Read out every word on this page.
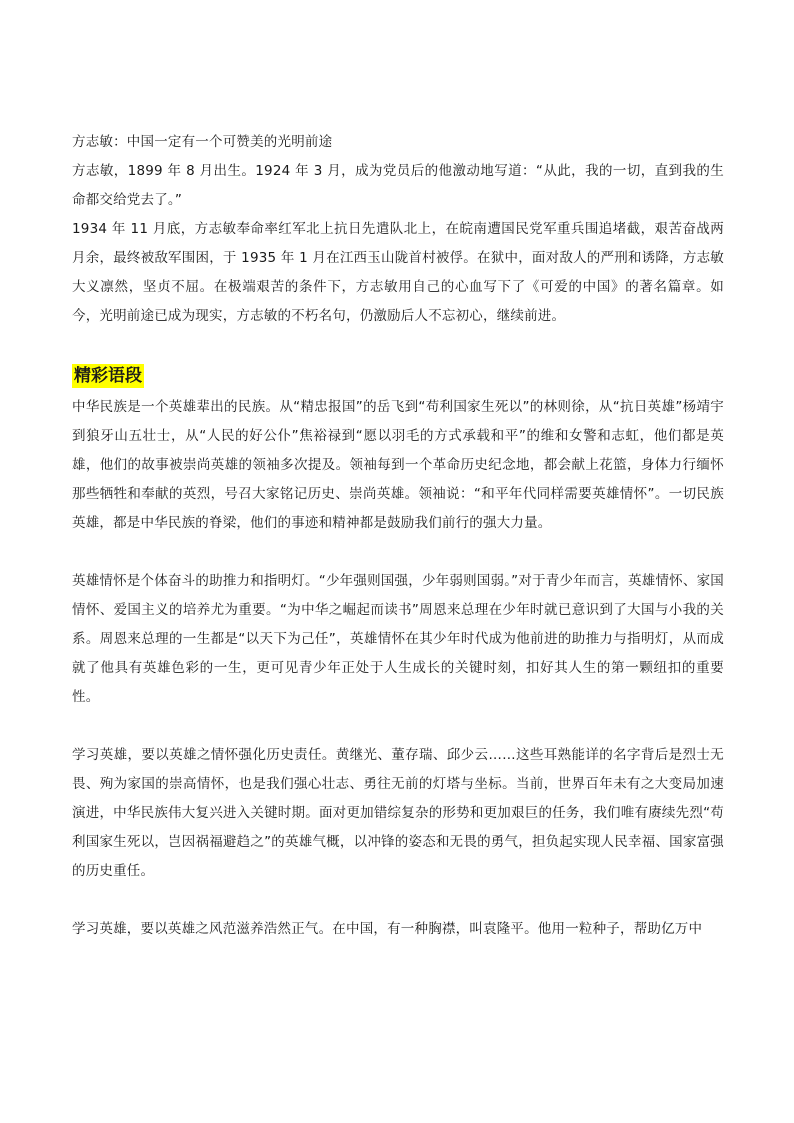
方志敏：中国一定有一个可赞美的光明前途

方志敏，1899 年 8 月出生。1924 年 3 月，成为党员后的他激动地写道：“从此，我的一切，直到我的生命都交给党去了。”

1934 年 11 月底，方志敏奉命率红军北上抗日先遣队北上，在皖南遭国民党军重兵围追堵截，艰苦奋战两月余，最终被敌军围困，于 1935 年 1 月在江西玉山陇首村被俘。在狱中，面对敌人的严刑和诱降，方志敏大义凛然，坚贞不屈。在极端艰苦的条件下，方志敏用自己的心血写下了《可爱的中国》的著名篇章。如今，光明前途已成为现实，方志敏的不朽名句，仍激励后人不忘初心，继续前进。

精彩语段

中华民族是一个英雄辈出的民族。从“精忠报国”的岳飞到“苟利国家生死以”的林则徐，从“抗日英雄”杨靖宇到狼牙山五壮士，从“人民的好公仆”焦裕禄到“愿以羽毛的方式承载和平”的维和女警和志虹，他们都是英雄，他们的故事被崇尚英雄的领袖多次提及。领袖每到一个革命历史纪念地，都会献上花篮，身体力行缅怀那些牺牲和奉献的英烈，号召大家铭记历史、崇尚英雄。领袖说：“和平年代同样需要英雄情怀”。一切民族英雄，都是中华民族的脊梁，他们的事迹和精神都是鼓励我们前行的强大力量。

英雄情怀是个体奋斗的助推力和指明灯。“少年强则国强，少年弱则国弱。”对于青少年而言，英雄情怀、家国情怀、爱国主义的培养尤为重要。“为中华之崛起而读书”周恩来总理在少年时就已意识到了大国与小我的关系。周恩来总理的一生都是“以天下为己任”，英雄情怀在其少年时代成为他前进的助推力与指明灯，从而成就了他具有英雄色彩的一生，更可见青少年正处于人生成长的关键时刻，扣好其人生的第一颗纽扣的重要性。

学习英雄，要以英雄之情怀强化历史责任。黄继光、董存瑞、邱少云……这些耳熟能详的名字背后是烈士无畏、殉为家国的崇高情怀，也是我们强心壮志、勇往无前的灯塔与坐标。当前，世界百年未有之大变局加速演进，中华民族伟大复兴进入关键时期。面对更加错综复杂的形势和更加艰巨的任务，我们唯有赓续先烈“苟利国家生死以，岂因祸福避趋之”的英雄气概，以冲锋的姿态和无畏的勇气，担负起实现人民幸福、国家富强的历史重任。

学习英雄，要以英雄之风范滋养浩然正气。在中国，有一种胸襟，叫袁隆平。他用一粒种子，帮助亿万中
